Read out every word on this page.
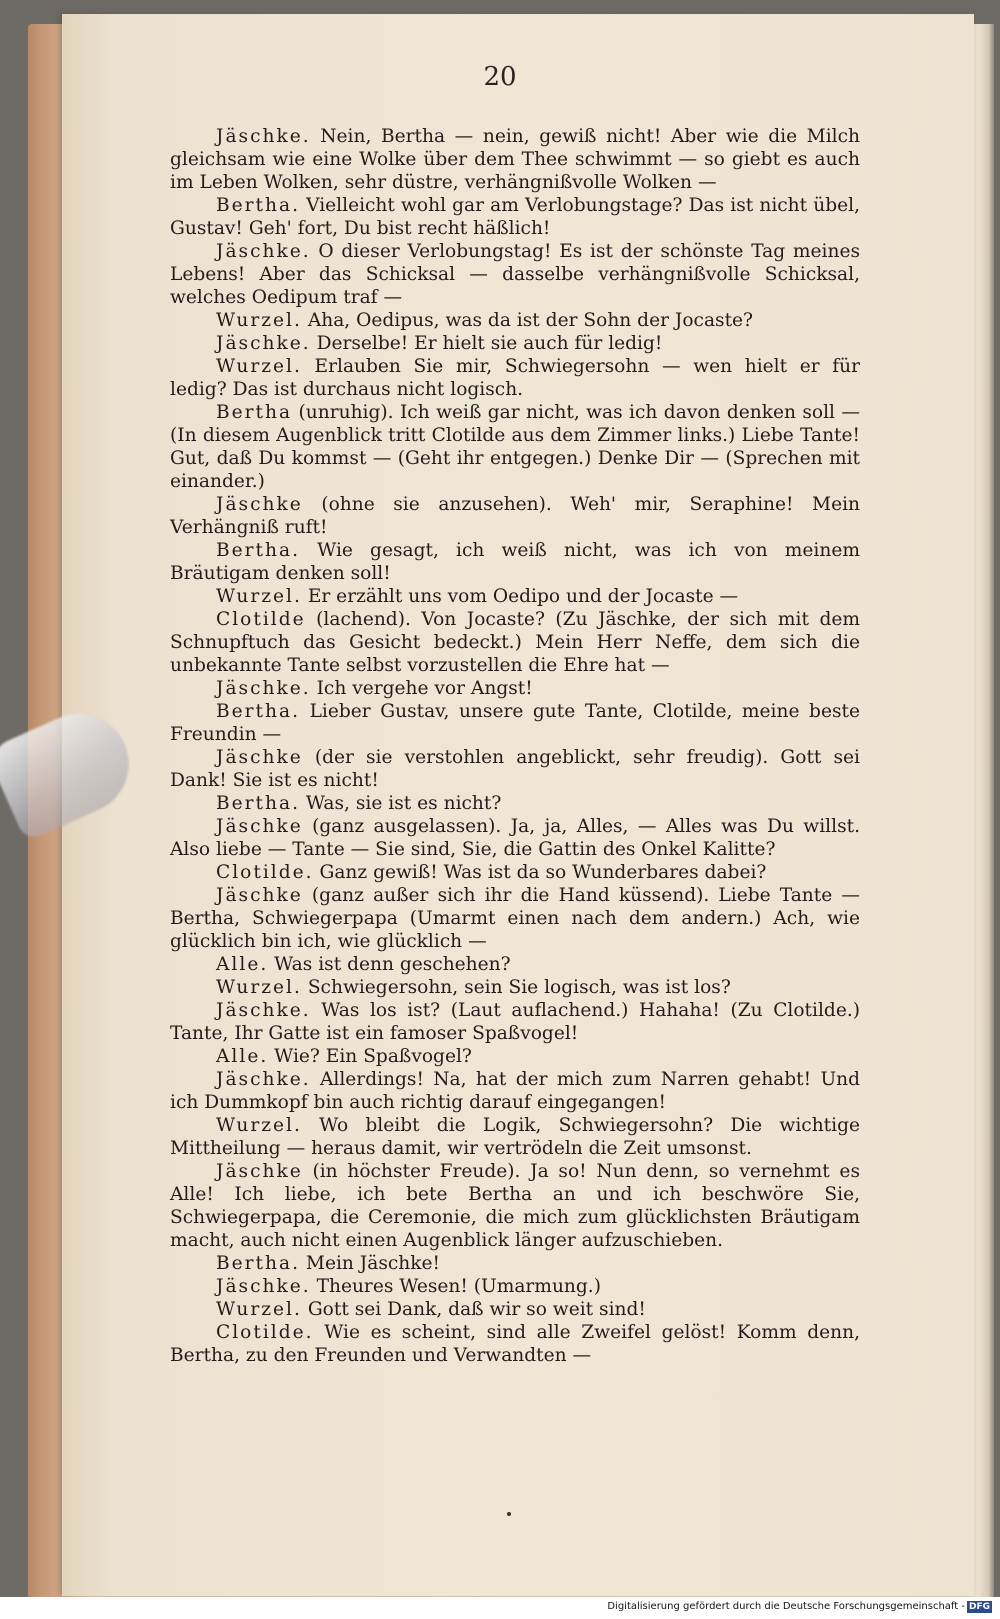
20

Jäschke. Nein, Bertha — nein, gewiß nicht! Aber wie die Milch gleichsam wie eine Wolke über dem Thee schwimmt — so giebt es auch im Leben Wolken, sehr düstre, verhängnißvolle Wolken —

Bertha. Vielleicht wohl gar am Verlobungstage? Das ist nicht übel, Gustav! Geh' fort, Du bist recht häßlich!

Jäschke. O dieser Verlobungstag! Es ist der schönste Tag meines Lebens! Aber das Schicksal — dasselbe verhängnißvolle Schicksal, welches Oedipum traf —

Wurzel. Aha, Oedipus, was da ist der Sohn der Jocaste?

Jäschke. Derselbe! Er hielt sie auch für ledig!

Wurzel. Erlauben Sie mir, Schwiegersohn — wen hielt er für ledig? Das ist durchaus nicht logisch.

Bertha (unruhig). Ich weiß gar nicht, was ich davon denken soll — (In diesem Augenblick tritt Clotilde aus dem Zimmer links.) Liebe Tante! Gut, daß Du kommst — (Geht ihr entgegen.) Denke Dir — (Sprechen mit einander.)

Jäschke (ohne sie anzusehen). Weh' mir, Seraphine! Mein Verhängniß ruft!

Bertha. Wie gesagt, ich weiß nicht, was ich von meinem Bräutigam denken soll!

Wurzel. Er erzählt uns vom Oedipo und der Jocaste —

Clotilde (lachend). Von Jocaste? (Zu Jäschke, der sich mit dem Schnupftuch das Gesicht bedeckt.) Mein Herr Neffe, dem sich die unbekannte Tante selbst vorzustellen die Ehre hat —

Jäschke. Ich vergehe vor Angst!

Bertha. Lieber Gustav, unsere gute Tante, Clotilde, meine beste Freundin —

Jäschke (der sie verstohlen angeblickt, sehr freudig). Gott sei Dank! Sie ist es nicht!

Bertha. Was, sie ist es nicht?

Jäschke (ganz ausgelassen). Ja, ja, Alles, — Alles was Du willst. Also liebe — Tante — Sie sind, Sie, die Gattin des Onkel Kalitte?

Clotilde. Ganz gewiß! Was ist da so Wunderbares dabei?

Jäschke (ganz außer sich ihr die Hand küssend). Liebe Tante — Bertha, Schwiegerpapa (Umarmt einen nach dem andern.) Ach, wie glücklich bin ich, wie glücklich —

Alle. Was ist denn geschehen?

Wurzel. Schwiegersohn, sein Sie logisch, was ist los?

Jäschke. Was los ist? (Laut auflachend.) Hahaha! (Zu Clotilde.) Tante, Ihr Gatte ist ein famoser Spaßvogel!

Alle. Wie? Ein Spaßvogel?

Jäschke. Allerdings! Na, hat der mich zum Narren gehabt! Und ich Dummkopf bin auch richtig darauf eingegangen!

Wurzel. Wo bleibt die Logik, Schwiegersohn? Die wichtige Mittheilung — heraus damit, wir vertrödeln die Zeit umsonst.

Jäschke (in höchster Freude). Ja so! Nun denn, so vernehmt es Alle! Ich liebe, ich bete Bertha an und ich beschwöre Sie, Schwiegerpapa, die Ceremonie, die mich zum glücklichsten Bräutigam macht, auch nicht einen Augenblick länger aufzuschieben.

Bertha. Mein Jäschke!

Jäschke. Theures Wesen! (Umarmung.)

Wurzel. Gott sei Dank, daß wir so weit sind!

Clotilde. Wie es scheint, sind alle Zweifel gelöst! Komm denn, Bertha, zu den Freunden und Verwandten —

Digitalisierung gefördert durch die Deutsche Forschungsgemeinschaft - DFG
